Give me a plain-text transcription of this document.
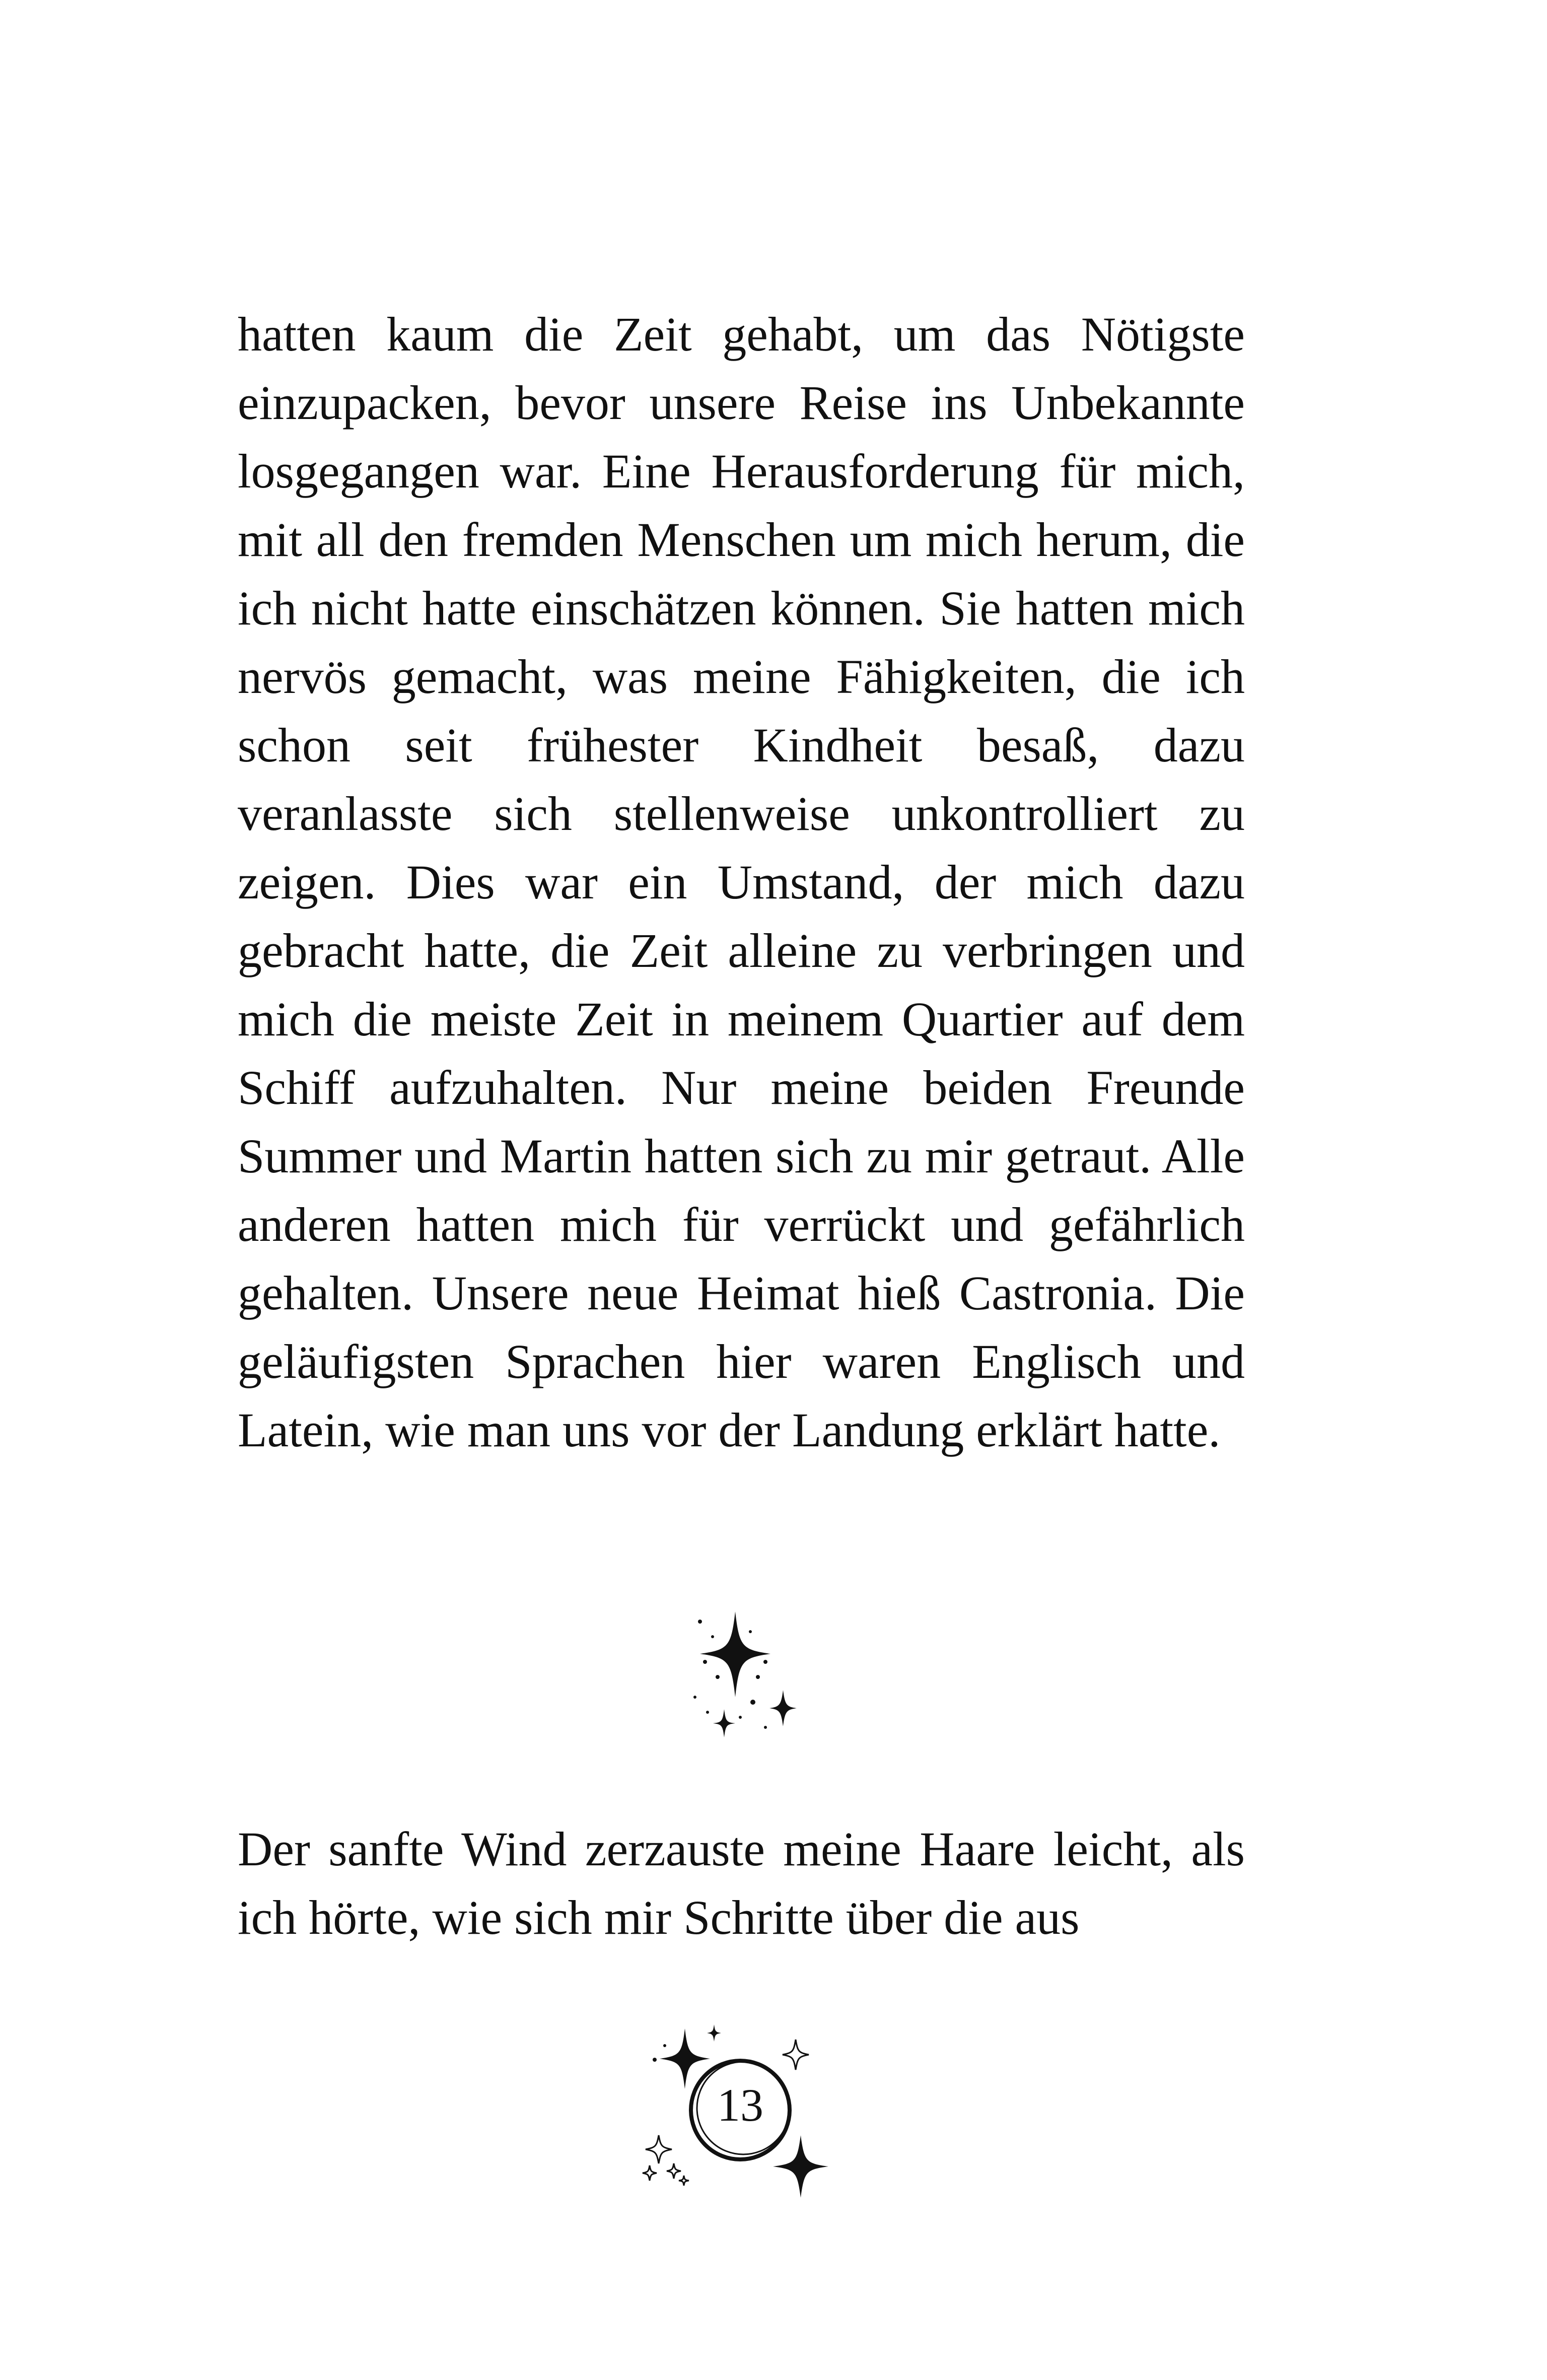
hatten kaum die Zeit gehabt, um das Nötigste einzupacken, bevor unsere Reise ins Unbekannte losgegangen war. Eine Herausforderung für mich, mit all den fremden Menschen um mich herum, die ich nicht hatte einschätzen können. Sie hatten mich nervös gemacht, was meine Fähigkeiten, die ich schon seit frühester Kindheit besaß, dazu veranlasste sich stellenweise unkontrolliert zu zeigen. Dies war ein Umstand, der mich dazu gebracht hatte, die Zeit alleine zu verbringen und mich die meiste Zeit in meinem Quartier auf dem Schiff aufzuhalten. Nur meine beiden Freunde Summer und Martin hatten sich zu mir getraut. Alle anderen hatten mich für verrückt und gefährlich gehalten. Unsere neue Heimat hieß Castronia. Die geläufigsten Sprachen hier waren Englisch und Latein, wie man uns vor der Landung erklärt hatte.

Der sanfte Wind zerzauste meine Haare leicht, als ich hörte, wie sich mir Schritte über die aus

13
